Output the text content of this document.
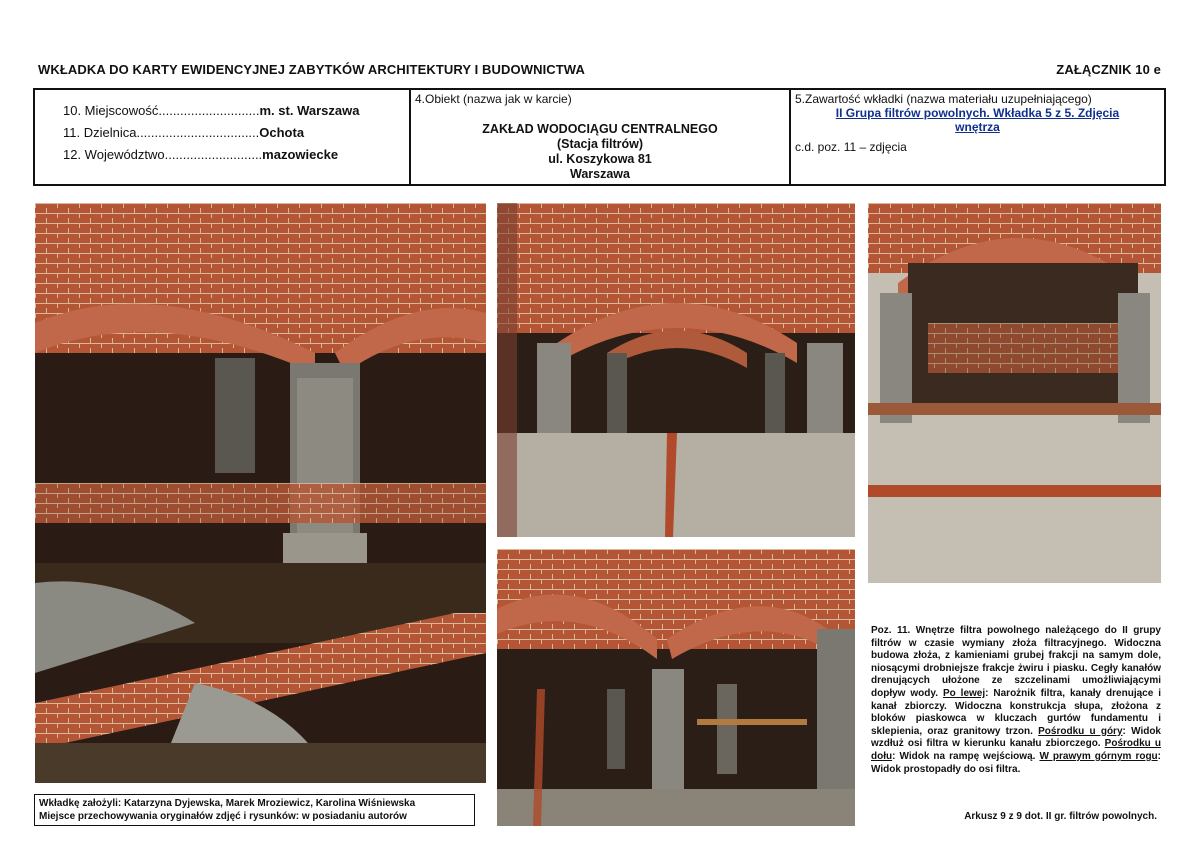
WKŁADKA DO KARTY EWIDENCYJNEJ ZABYTKÓW ARCHITEKTURY I BUDOWNICTWA	ZAŁĄCZNIK 10 e
10. Miejscowość............................m. st. Warszawa
11. Dzielnica..................................Ochota
12. Województwo...........................mazowiecke
4.Obiekt (nazwa jak w karcie)
ZAKŁAD WODOCIĄGU CENTRALNEGO
(Stacja filtrów)
ul. Koszykowa 81
Warszawa
5.Zawartość wkładki (nazwa materiału uzupełniającego)
II Grupa filtrów powolnych. Wkładka 5 z 5. Zdjęcia
wnętrza
c.d. poz. 11 – zdjęcia
Poz. 11. Wnętrze filtra powolnego należącego do II grupy filtrów w czasie wymiany złoża filtracyjnego. Widoczna budowa złoża, z kamieniami grubej frakcji na samym dole, niosącymi drobniejsze frakcje żwiru i piasku. Cegły kanałów drenujących ułożone ze szczelinami umożliwiającymi dopływ wody. Po lewej: Narożnik filtra, kanały drenujące i kanał zbiorczy. Widoczna konstrukcja słupa, złożona z bloków piaskowca w kluczach gurtów fundamentu i sklepienia, oraz granitowy trzon. Pośrodku u góry: Widok wzdłuż osi filtra w kierunku kanału zbiorczego. Pośrodku u dołu: Widok na rampę wejściową. W prawym górnym rogu: Widok prostopadły do osi filtra.
Wkładkę założyli: Katarzyna Dyjewska, Marek Mroziewicz, Karolina Wiśniewska
Miejsce przechowywania oryginałów zdjęć i rysunków: w posiadaniu autorów	Arkusz 9 z 9 dot. II gr. filtrów powolnych.
